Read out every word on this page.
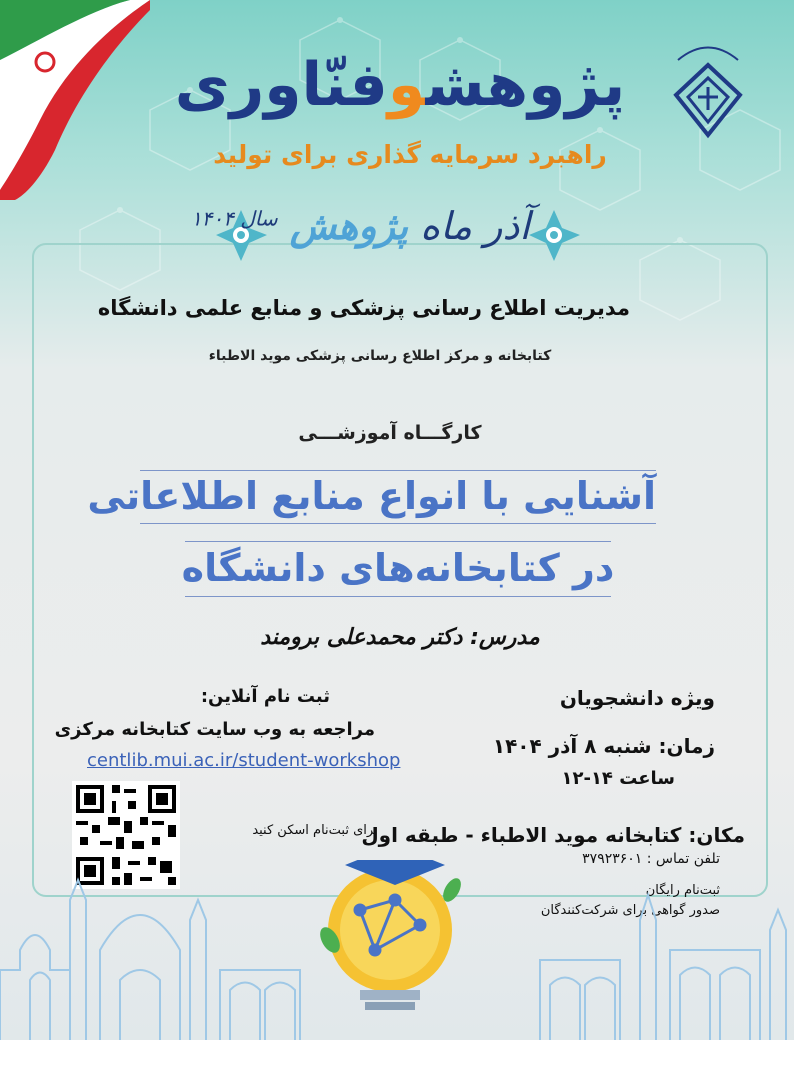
پژوهشوفنّاوری
راهبرد سرمایه گذاری برای تولید
آذر ماه پژوهش $^{سال ۱۴۰۴}$
مدیریت اطلاع رسانی پزشکی و منابع علمی دانشگاه
کتابخانه و مرکز اطلاع رسانی پزشکی موید الاطباء
کارگـــاه آموزشـــی
آشنایی با انواع منابع اطلاعاتی
در کتابخانه‌های دانشگاه
مدرس: دکتر محمدعلی برومند
ثبت نام آنلاین:
مراجعه به وب سایت کتابخانه مرکزی
centlib.mui.ac.ir/student-workshop
برای ثبت‌نام اسکن کنید
ویژه دانشجویان
زمان: شنبه ۸ آذر ۱۴۰۴
ساعت ۱۴-۱۲
مکان: کتابخانه موید الاطباء - طبقه اول
تلفن تماس : ۳۷۹۲۳۶۰۱
ثبت‌نام رایگان
صدور گواهی برای شرکت‌کنندگان
